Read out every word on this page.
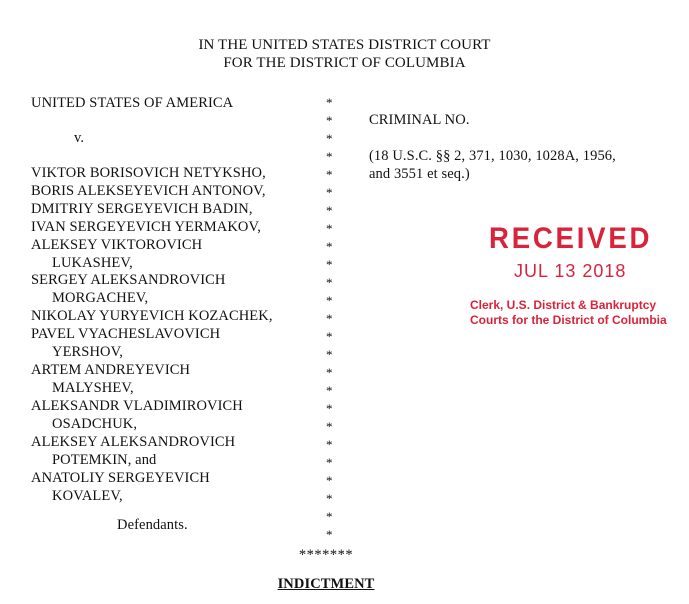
IN THE UNITED STATES DISTRICT COURT
FOR THE DISTRICT OF COLUMBIA
UNITED STATES OF AMERICA
v.
VIKTOR BORISOVICH NETYKSHO,
BORIS ALEKSEYEVICH ANTONOV,
DMITRIY SERGEYEVICH BADIN,
IVAN SERGEYEVICH YERMAKOV,
ALEKSEY VIKTOROVICH
LUKASHEV,
SERGEY ALEKSANDROVICH
MORGACHEV,
NIKOLAY YURYEVICH KOZACHEK,
PAVEL VYACHESLAVOVICH
YERSHOV,
ARTEM ANDREYEVICH
MALYSHEV,
ALEKSANDR VLADIMIROVICH
OSADCHUK,
ALEKSEY ALEKSANDROVICH
POTEMKIN, and
ANATOLIY SERGEYEVICH
KOVALEV,
Defendants.
*
*
*
*
*
*
*
*
*
*
*
*
*
*
*
*
*
*
*
*
*
*
*
*
*
*******
CRIMINAL NO.
(18 U.S.C. §§ 2, 371, 1030, 1028A, 1956,
and 3551 et seq.)
RECEIVED
JUL 13 2018
Clerk, U.S. District & Bankruptcy
Courts for the District of Columbia
INDICTMENT
